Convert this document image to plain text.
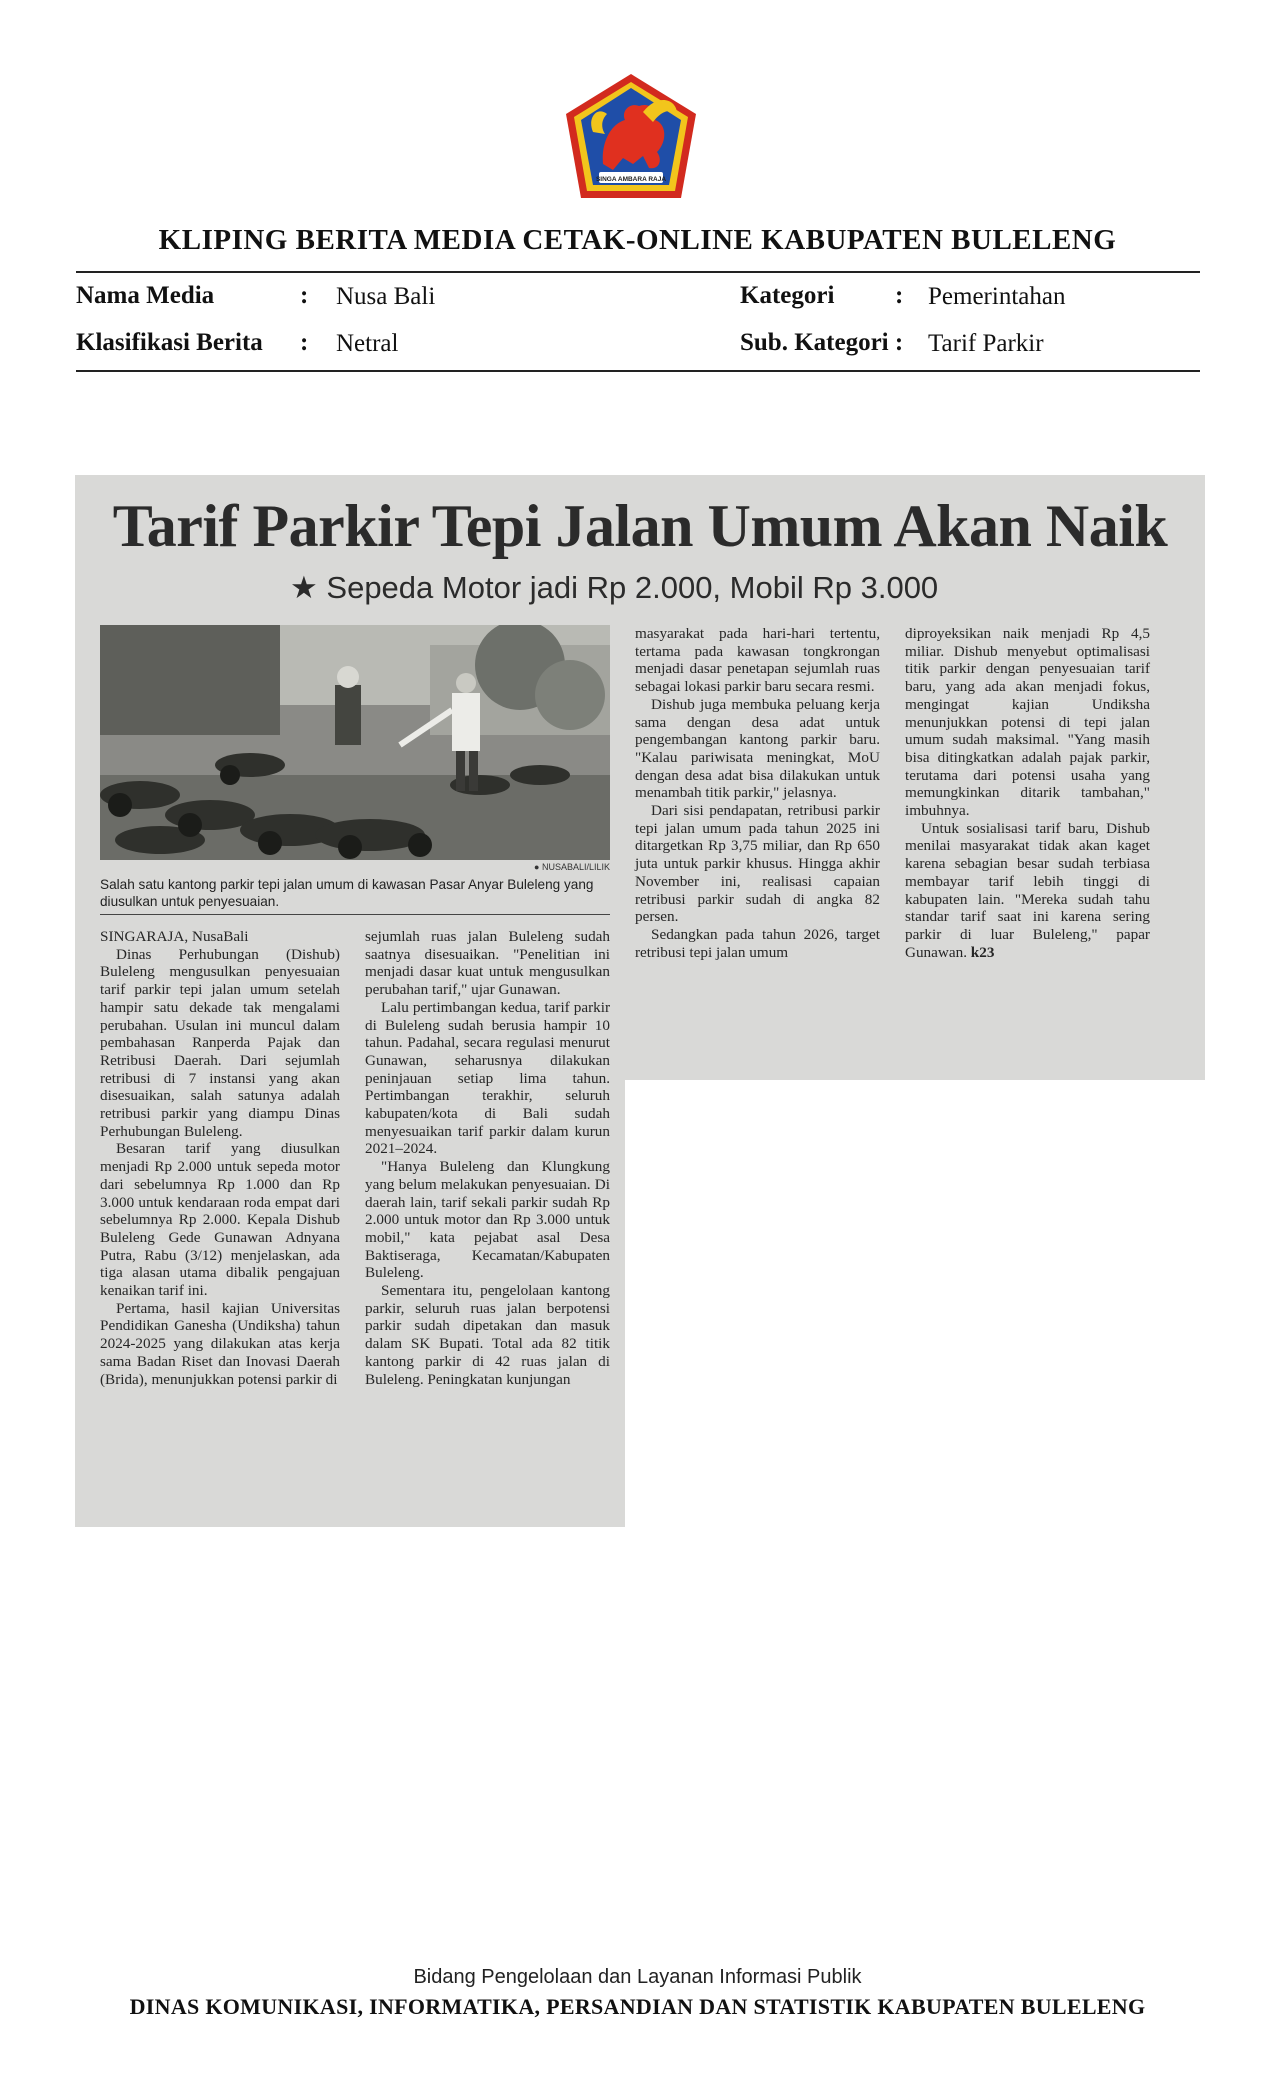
SINGA AMBARA RAJA
KLIPING BERITA MEDIA CETAK-ONLINE KABUPATEN BULELENG
Nama Media	: Nusa Bali
Klasifikasi Berita : Netral
Kategori : Pemerintahan
Sub. Kategori : Tarif Parkir
Tarif Parkir Tepi Jalan Umum Akan Naik
★ Sepeda Motor jadi Rp 2.000, Mobil Rp 3.000
● NUSABALI/LILIK
Salah satu kantong parkir tepi jalan umum di kawasan Pasar Anyar Buleleng yang diusulkan untuk penyesuaian.

SINGARAJA, NusaBali

Dinas Perhubungan (Dishub) Buleleng mengusulkan penyesuaian tarif parkir tepi jalan umum setelah hampir satu dekade tak mengalami perubahan. Usulan ini muncul dalam pembahasan Ranperda Pajak dan Retribusi Daerah. Dari sejumlah retribusi di 7 instansi yang akan disesuaikan, salah satunya adalah retribusi parkir yang diampu Dinas Perhubungan Buleleng.

Besaran tarif yang diusulkan menjadi Rp 2.000 untuk sepeda motor dari sebelumnya Rp 1.000 dan Rp 3.000 untuk kendaraan roda empat dari sebelumnya Rp 2.000. Kepala Dishub Buleleng Gede Gunawan Adnyana Putra, Rabu (3/12) menjelaskan, ada tiga alasan utama dibalik pengajuan kenaikan tarif ini.

Pertama, hasil kajian Universitas Pendidikan Ganesha (Undiksha) tahun 2024-2025 yang dilakukan atas kerja sama Badan Riset dan Inovasi Daerah (Brida), menunjukkan potensi parkir di

sejumlah ruas jalan Buleleng sudah saatnya disesuaikan. "Penelitian ini menjadi dasar kuat untuk mengusulkan perubahan tarif," ujar Gunawan.

Lalu pertimbangan kedua, tarif parkir di Buleleng sudah berusia hampir 10 tahun. Padahal, secara regulasi menurut Gunawan, seharusnya dilakukan peninjauan setiap lima tahun. Pertimbangan terakhir, seluruh kabupaten/kota di Bali sudah menyesuaikan tarif parkir dalam kurun 2021–2024.

"Hanya Buleleng dan Klungkung yang belum melakukan penyesuaian. Di daerah lain, tarif sekali parkir sudah Rp 2.000 untuk motor dan Rp 3.000 untuk mobil," kata pejabat asal Desa Baktiseraga, Kecamatan/Kabupaten Buleleng.

Sementara itu, pengelolaan kantong parkir, seluruh ruas jalan berpotensi parkir sudah dipetakan dan masuk dalam SK Bupati. Total ada 82 titik kantong parkir di 42 ruas jalan di Buleleng. Peningkatan kunjungan

masyarakat pada hari-hari tertentu, tertama pada kawasan tongkrongan menjadi dasar penetapan sejumlah ruas sebagai lokasi parkir baru secara resmi.

Dishub juga membuka peluang kerja sama dengan desa adat untuk pengembangan kantong parkir baru. "Kalau pariwisata meningkat, MoU dengan desa adat bisa dilakukan untuk menambah titik parkir," jelasnya.

Dari sisi pendapatan, retribusi parkir tepi jalan umum pada tahun 2025 ini ditargetkan Rp 3,75 miliar, dan Rp 650 juta untuk parkir khusus. Hingga akhir November ini, realisasi capaian retribusi parkir sudah di angka 82 persen.

Sedangkan pada tahun 2026, target retribusi tepi jalan umum

diproyeksikan naik menjadi Rp 4,5 miliar. Dishub menyebut optimalisasi titik parkir dengan penyesuaian tarif baru, yang ada akan menjadi fokus, mengingat kajian Undiksha menunjukkan potensi di tepi jalan umum sudah maksimal. "Yang masih bisa ditingkatkan adalah pajak parkir, terutama dari potensi usaha yang memungkinkan ditarik tambahan," imbuhnya.

Untuk sosialisasi tarif baru, Dishub menilai masyarakat tidak akan kaget karena sebagian besar sudah terbiasa membayar tarif lebih tinggi di kabupaten lain. "Mereka sudah tahu standar tarif saat ini karena sering parkir di luar Buleleng," papar Gunawan. k23

Bidang Pengelolaan dan Layanan Informasi Publik
DINAS KOMUNIKASI, INFORMATIKA, PERSANDIAN DAN STATISTIK KABUPATEN BULELENG
